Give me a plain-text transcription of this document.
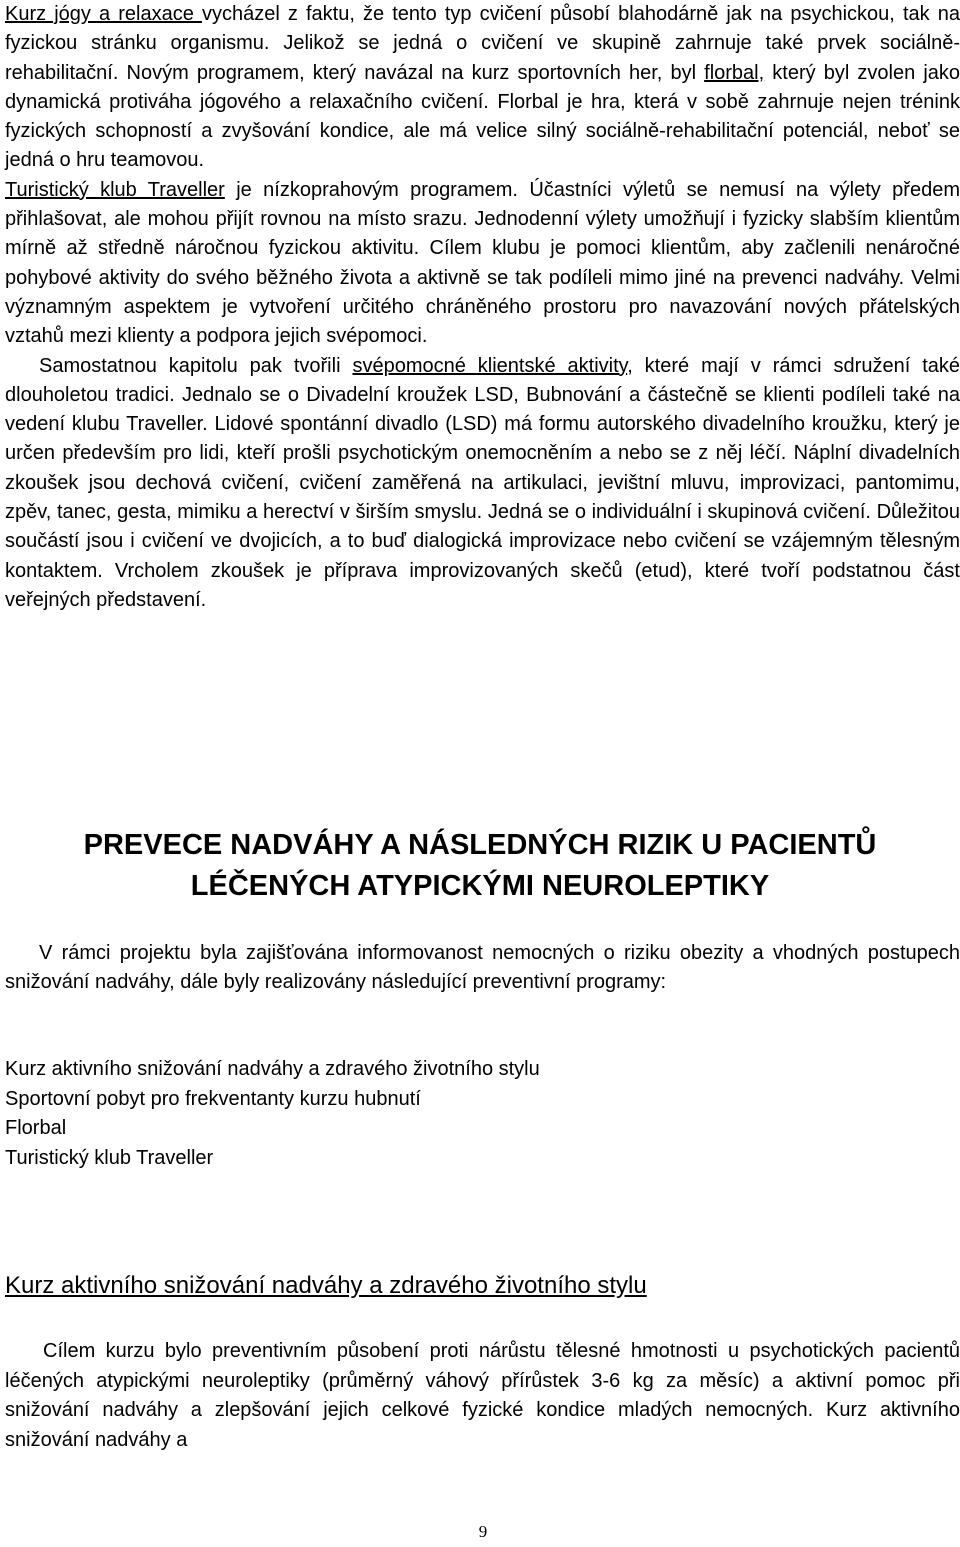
Kurz jógy a relaxace vycházel z faktu, že tento typ cvičení působí blahodárně jak na psychickou, tak na fyzickou stránku organismu. Jelikož se jedná o cvičení ve skupině zahrnuje také prvek sociálně-rehabilitační. Novým programem, který navázal na kurz sportovních her, byl florbal, který byl zvolen jako dynamická protiváha jógového a relaxačního cvičení. Florbal je hra, která v sobě zahrnuje nejen trénink fyzických schopností a zvyšování kondice, ale má velice silný sociálně-rehabilitační potenciál, neboť se jedná o hru teamovou.
Turistický klub Traveller je nízkoprahovým programem. Účastníci výletů se nemusí na výlety předem přihlašovat, ale mohou přijít rovnou na místo srazu. Jednodenní výlety umožňují i fyzicky slabším klientům mírně až středně náročnou fyzickou aktivitu. Cílem klubu je pomoci klientům, aby začlenili nenáročné pohybové aktivity do svého běžného života a aktivně se tak podíleli mimo jiné na prevenci nadváhy. Velmi významným aspektem je vytvoření určitého chráněného prostoru pro navazování nových přátelských vztahů mezi klienty a podpora jejich svépomoci.
Samostatnou kapitolu pak tvořili svépomocné klientské aktivity, které mají v rámci sdružení také dlouholetou tradici. Jednalo se o Divadelní kroužek LSD, Bubnování a částečně se klienti podíleli také na vedení klubu Traveller. Lidové spontánní divadlo (LSD) má formu autorského divadelního kroužku, který je určen především pro lidi, kteří prošli psychotickým onemocněním a nebo se z něj léčí. Náplní divadelních zkoušek jsou dechová cvičení, cvičení zaměřená na artikulaci, jevištní mluvu, improvizaci, pantomimu, zpěv, tanec, gesta, mimiku a herectví v širším smyslu. Jedná se o individuální i skupinová cvičení. Důležitou součástí jsou i cvičení ve dvojicích, a to buď dialogická improvizace nebo cvičení se vzájemným tělesným kontaktem. Vrcholem zkoušek je příprava improvizovaných skečů (etud), které tvoří podstatnou část veřejných představení.
PREVECE NADVÁHY A NÁSLEDNÝCH RIZIK U PACIENTŮ
LÉČENÝCH ATYPICKÝMI NEUROLEPTIKY
V rámci projektu byla zajišťována informovanost nemocných o riziku obezity a vhodných postupech snižování nadváhy, dále byly realizovány následující preventivní programy:
Kurz aktivního snižování nadváhy a zdravého životního stylu
Sportovní pobyt pro frekventanty kurzu hubnutí
Florbal
Turistický klub Traveller
Kurz aktivního snižování nadváhy a zdravého životního stylu
Cílem kurzu bylo preventivním působení proti nárůstu tělesné hmotnosti u psychotických pacientů léčených atypickými neuroleptiky (průměrný váhový přírůstek 3-6 kg za měsíc) a aktivní pomoc při snižování nadváhy a zlepšování jejich celkové fyzické kondice mladých nemocných. Kurz aktivního snižování nadváhy a
9
